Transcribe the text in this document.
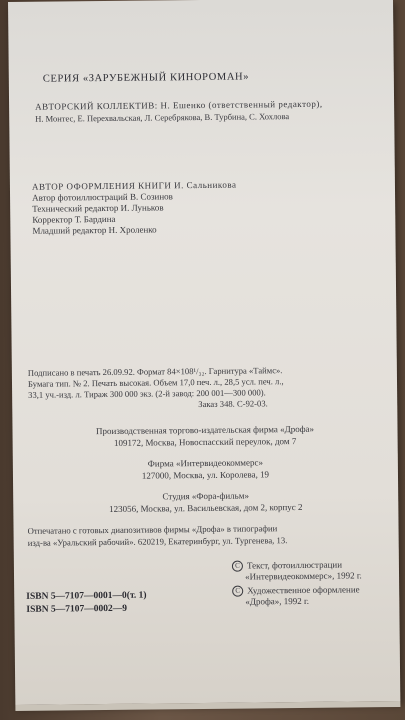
СЕРИЯ «ЗАРУБЕЖНЫЙ КИНОРОМАН»
АВТОРСКИЙ КОЛЛЕКТИВ: Н. Ешенко (ответственный редактор),
Н. Монтес, Е. Перехвальская, Л. Серебрякова, В. Турбина, С. Хохлова
АВТОР ОФОРМЛЕНИЯ КНИГИ И. Сальникова
Автор фотоиллюстраций В. Созинов
Технический редактор И. Луньков
Корректор Т. Бардина
Младший редактор Н. Хроленко
Подписано в печать 26.09.92. Формат 84×108¹/₃₂. Гарнитура «Таймс».
Бумага тип. № 2. Печать высокая. Объем 17,0 печ. л., 28,5 усл. печ. л.,
33,1 уч.-изд. л. Тираж 300 000 экз. (2-й завод: 200 001—300 000).
Заказ 348. С-92-03.
Производственная торгово-издательская фирма «Дрофа»
109172, Москва, Новоспасский переулок, дом 7
Фирма «Интервидеокоммерс»
127000, Москва, ул. Королева, 19
Студия «Фора-фильм»
123056, Москва, ул. Васильевская, дом 2, корпус 2
Отпечатано с готовых диапозитивов фирмы «Дрофа» в типографии
изд-ва «Уральский рабочий». 620219, Екатеринбург, ул. Тургенева, 13.
C Текст, фотоиллюстрации
«Интервидеокоммерс», 1992 г.
ISBN 5—7107—0001—0(т. 1)
ISBN 5—7107—0002—9
C Художественное оформление
«Дрофа», 1992 г.
